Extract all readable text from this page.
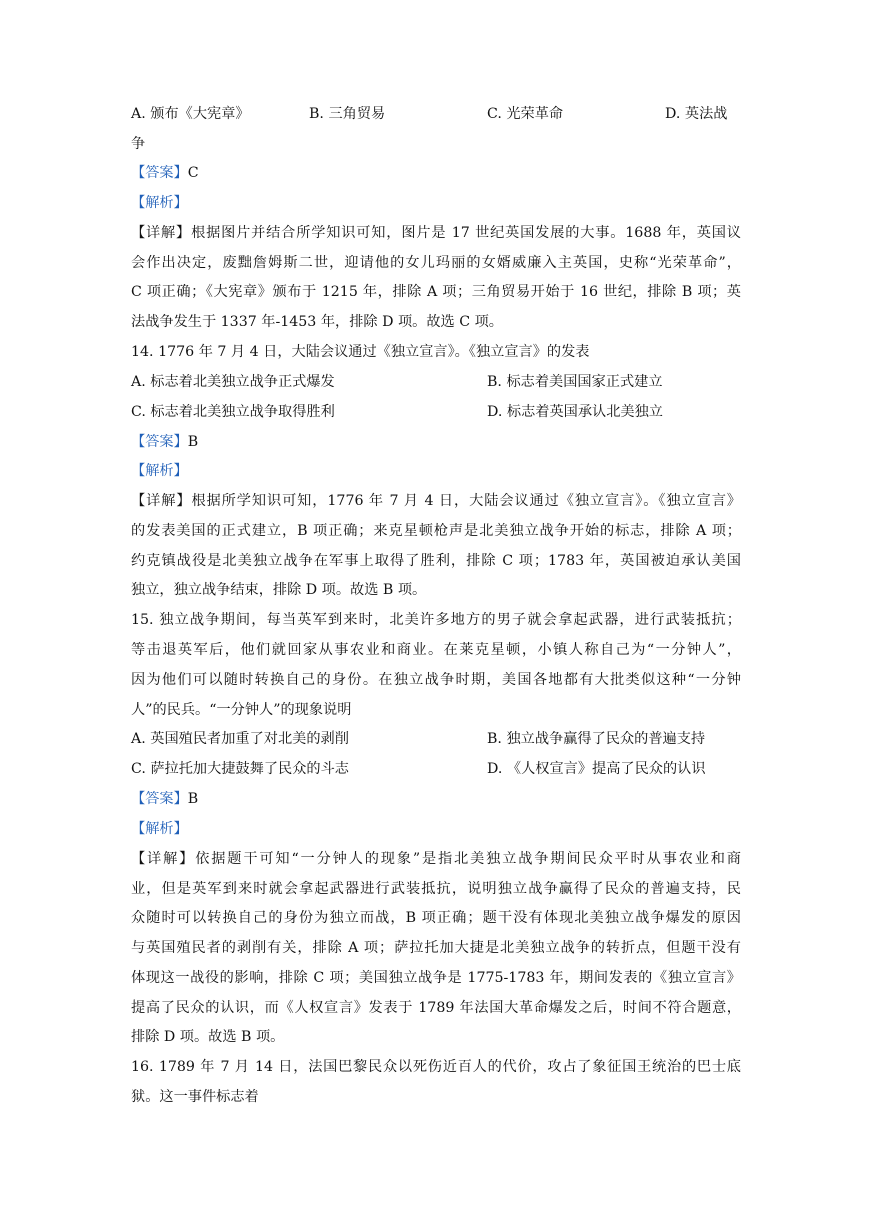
A. 颁布《大宪章》	B. 三角贸易	C. 光荣革命	D. 英法战
争
【答案】C
【解析】
【详解】根据图片并结合所学知识可知，图片是 17 世纪英国发展的大事。1688 年，英国议
会作出决定，废黜詹姆斯二世，迎请他的女儿玛丽的女婿威廉入主英国，史称“光荣革命”，
C 项正确；《大宪章》颁布于 1215 年，排除 A 项；三角贸易开始于 16 世纪，排除 B 项；英
法战争发生于 1337 年-1453 年，排除 D 项。故选 C 项。
14. 1776 年 7 月 4 日，大陆会议通过《独立宣言》。《独立宣言》的发表
A. 标志着北美独立战争正式爆发	B. 标志着美国国家正式建立
C. 标志着北美独立战争取得胜利	D. 标志着英国承认北美独立
【答案】B
【解析】
【详解】根据所学知识可知，1776 年 7 月 4 日，大陆会议通过《独立宣言》。《独立宣言》
的发表美国的正式建立，B 项正确；来克星顿枪声是北美独立战争开始的标志，排除 A 项；
约克镇战役是北美独立战争在军事上取得了胜利，排除 C 项；1783 年，英国被迫承认美国
独立，独立战争结束，排除 D 项。故选 B 项。
15. 独立战争期间，每当英军到来时，北美许多地方的男子就会拿起武器，进行武装抵抗；
等击退英军后，他们就回家从事农业和商业。在莱克星顿，小镇人称自己为“一分钟人”，
因为他们可以随时转换自己的身份。在独立战争时期，美国各地都有大批类似这种“一分钟
人”的民兵。“一分钟人”的现象说明
A. 英国殖民者加重了对北美的剥削	B. 独立战争赢得了民众的普遍支持
C. 萨拉托加大捷鼓舞了民众的斗志	D. 《人权宣言》提高了民众的认识
【答案】B
【解析】
【详解】依据题干可知“一分钟人的现象”是指北美独立战争期间民众平时从事农业和商
业，但是英军到来时就会拿起武器进行武装抵抗，说明独立战争赢得了民众的普遍支持，民
众随时可以转换自己的身份为独立而战，B 项正确；题干没有体现北美独立战争爆发的原因
与英国殖民者的剥削有关，排除 A 项；萨拉托加大捷是北美独立战争的转折点，但题干没有
体现这一战役的影响，排除 C 项；美国独立战争是 1775-1783 年，期间发表的《独立宣言》
提高了民众的认识，而《人权宣言》发表于 1789 年法国大革命爆发之后，时间不符合题意，
排除 D 项。故选 B 项。
16. 1789 年 7 月 14 日，法国巴黎民众以死伤近百人的代价，攻占了象征国王统治的巴士底
狱。这一事件标志着
